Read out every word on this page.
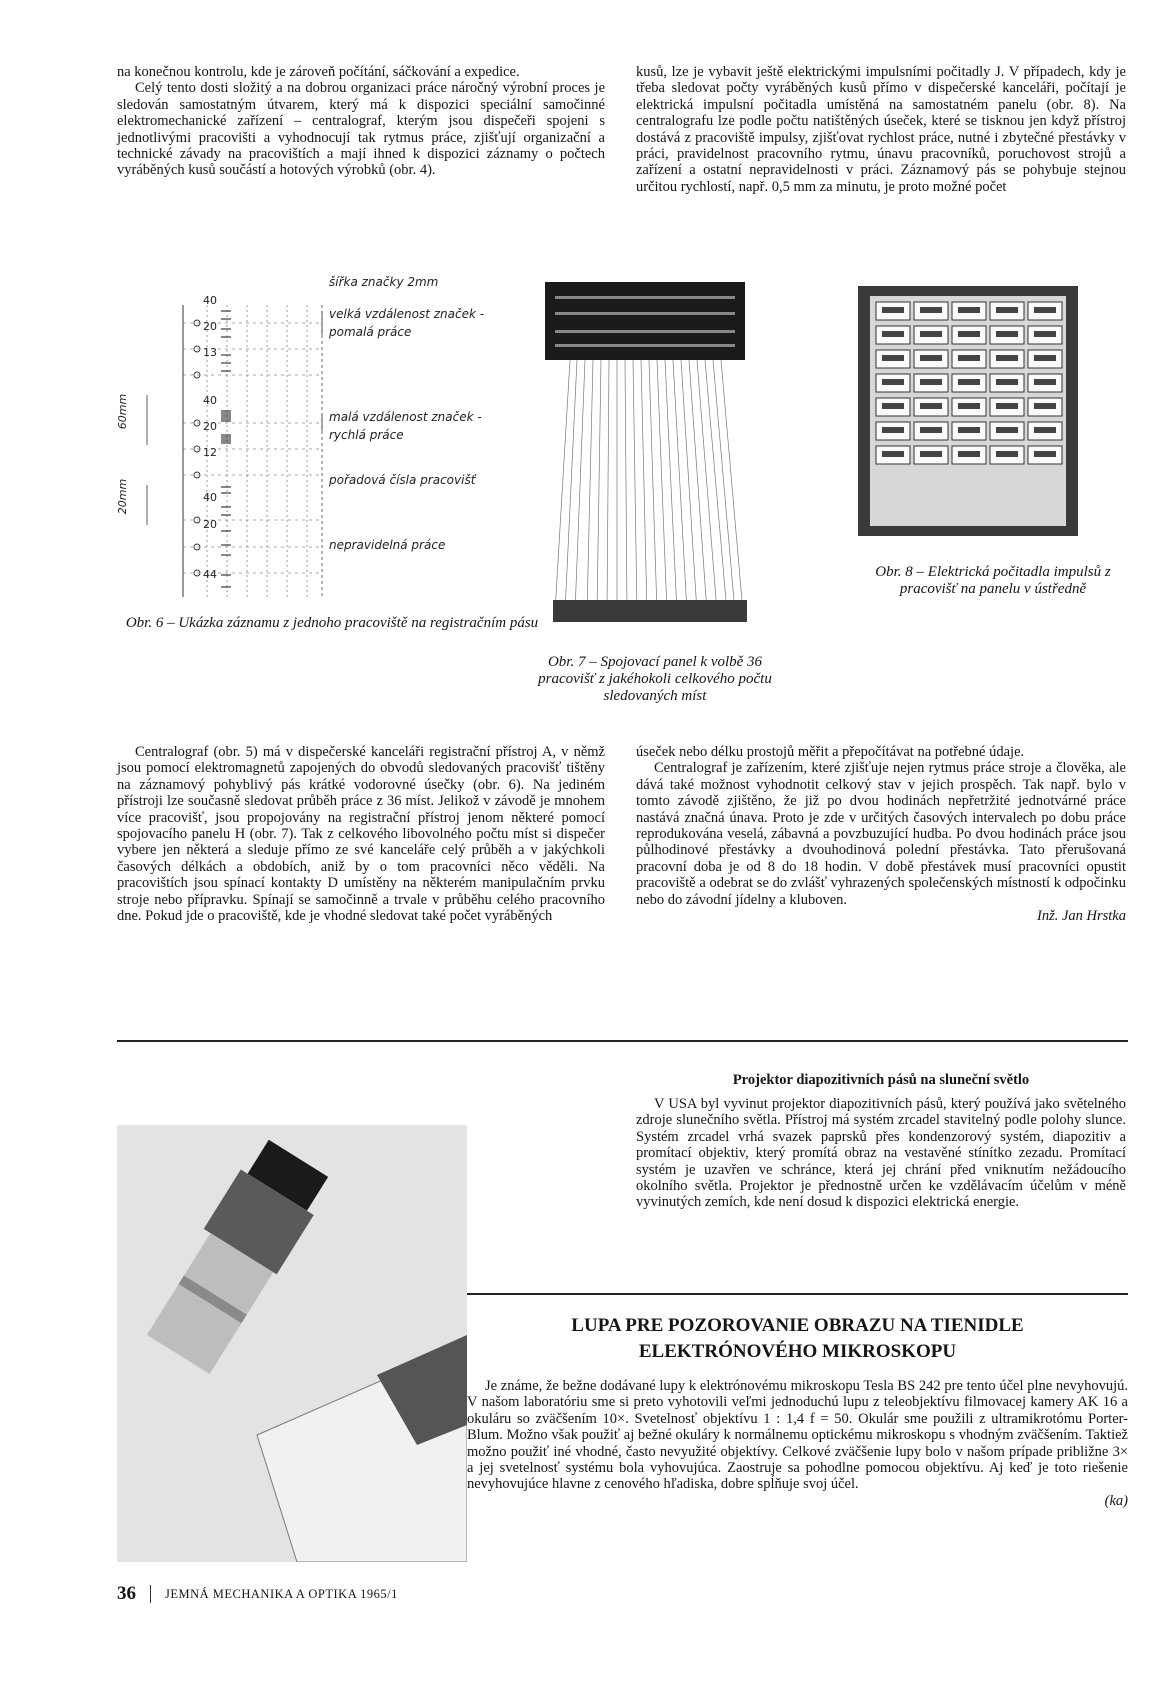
na konečnou kontrolu, kde je zároveň počítání, sáčkování a expedice.

Celý tento dosti složitý a na dobrou organizaci práce náročný výrobní proces je sledován samostatným útvarem, který má k dispozici speciální samočinné elektromechanické zařízení – centralograf, kterým jsou dispečeři spojeni s jednotlivými pracovišti a vyhodnocují tak rytmus práce, zjišťují organizační a technické závady na pracovištích a mají ihned k dispozici záznamy o počtech vyráběných kusů součástí a hotových výrobků (obr. 4).

kusů, lze je vybavit ještě elektrickými impulsními počitadly J. V případech, kdy je třeba sledovat počty vyráběných kusů přímo v dispečerské kanceláři, počítají je elektrická impulsní počitadla umístěná na samostatném panelu (obr. 8). Na centralografu lze podle počtu natištěných úseček, které se tisknou jen když přístroj dostává z pracoviště impulsy, zjišťovat rychlost práce, nutné i zbytečné přestávky v práci, pravidelnost pracovního rytmu, únavu pracovníků, poruchovost strojů a zařízení a ostatní nepravidelnosti v práci. Záznamový pás se pohybuje stejnou určitou rychlostí, např. 0,5 mm za minutu, je proto možné počet

40
20
13
40
20
12
40
20
44
šířka značky 2mm
velká vzdálenost značek - pomalá práce
malá vzdálenost značek - rychlá práce
pořadová čísla pracovišť
nepravidelná práce
60mm
20mm
Obr. 6 – Ukázka záznamu z jednoho pracoviště na registračním pásu
Obr. 7 – Spojovací panel k volbě 36 pracovišť z jakéhokoli celkového počtu sledovaných míst
Obr. 8 – Elektrická počitadla impulsů z pracovišť na panelu v ústředně

Centralograf (obr. 5) má v dispečerské kanceláři registrační přístroj A, v němž jsou pomocí elektromagnetů zapojených do obvodů sledovaných pracovišť tištěny na záznamový pohyblivý pás krátké vodorovné úsečky (obr. 6). Na jediném přístroji lze současně sledovat průběh práce z 36 míst. Jelikož v závodě je mnohem více pracovišť, jsou propojovány na registrační přístroj jenom některé pomocí spojovacího panelu H (obr. 7). Tak z celkového libovolného počtu míst si dispečer vybere jen některá a sleduje přímo ze své kanceláře celý průběh a v jakýchkoli časových délkách a obdobích, aniž by o tom pracovníci něco věděli. Na pracovištích jsou spínací kontakty D umístěny na některém manipulačním prvku stroje nebo přípravku. Spínají se samočinně a trvale v průběhu celého pracovního dne. Pokud jde o pracoviště, kde je vhodné sledovat také počet vyráběných

úseček nebo délku prostojů měřit a přepočítávat na potřebné údaje.

Centralograf je zařízením, které zjišťuje nejen rytmus práce stroje a člověka, ale dává také možnost vyhodnotit celkový stav v jejich prospěch. Tak např. bylo v tomto závodě zjištěno, že již po dvou hodinách nepřetržité jednotvárné práce nastává značná únava. Proto je zde v určitých časových intervalech po dobu práce reprodukována veselá, zábavná a povzbuzující hudba. Po dvou hodinách práce jsou půlhodinové přestávky a dvouhodinová polední přestávka. Tato přerušovaná pracovní doba je od 8 do 18 hodin. V době přestávek musí pracovníci opustit pracoviště a odebrat se do zvlášť vyhrazených společenských místností k odpočinku nebo do závodní jídelny a kluboven.

Inž. Jan Hrstka
Projektor diapozitivních pásů na sluneční světlo

V USA byl vyvinut projektor diapozitivních pásů, který používá jako světelného zdroje slunečního světla. Přístroj má systém zrcadel stavitelný podle polohy slunce. Systém zrcadel vrhá svazek paprsků přes kondenzorový systém, diapozitiv a promítací objektiv, který promítá obraz na vestavěné stínítko zezadu. Promítací systém je uzavřen ve schránce, která jej chrání před vniknutím nežádoucího okolního světla. Projektor je přednostně určen ke vzdělávacím účelům v méně vyvinutých zemích, kde není dosud k dispozici elektrická energie.

LUPA PRE POZOROVANIE OBRAZU NA TIENIDLE
ELEKTRÓNOVÉHO MIKROSKOPU

Je známe, že bežne dodávané lupy k elektrónovému mikroskopu Tesla BS 242 pre tento účel plne nevyhovujú. V našom laboratóriu sme si preto vyhotovili veľmi jednoduchú lupu z teleobjektívu filmovacej kamery AK 16 a okuláru so zväčšením 10×. Svetelnosť objektívu 1 : 1,4 f = 50. Okulár sme použili z ultramikrotómu Porter-Blum. Možno však použiť aj bežné okuláry k normálnemu optickému mikroskopu s vhodným zväčšením. Taktiež možno použiť iné vhodné, často nevyužité objektívy. Celkové zväčšenie lupy bolo v našom prípade približne 3× a jej svetelnosť systému bola vyhovujúca. Zaostruje sa pohodlne pomocou objektívu. Aj keď je toto riešenie nevyhovujúce hlavne z cenového hľadiska, dobre spĺňuje svoj účel.

(ka)
36 JEMNÁ MECHANIKA A OPTIKA 1965/1
